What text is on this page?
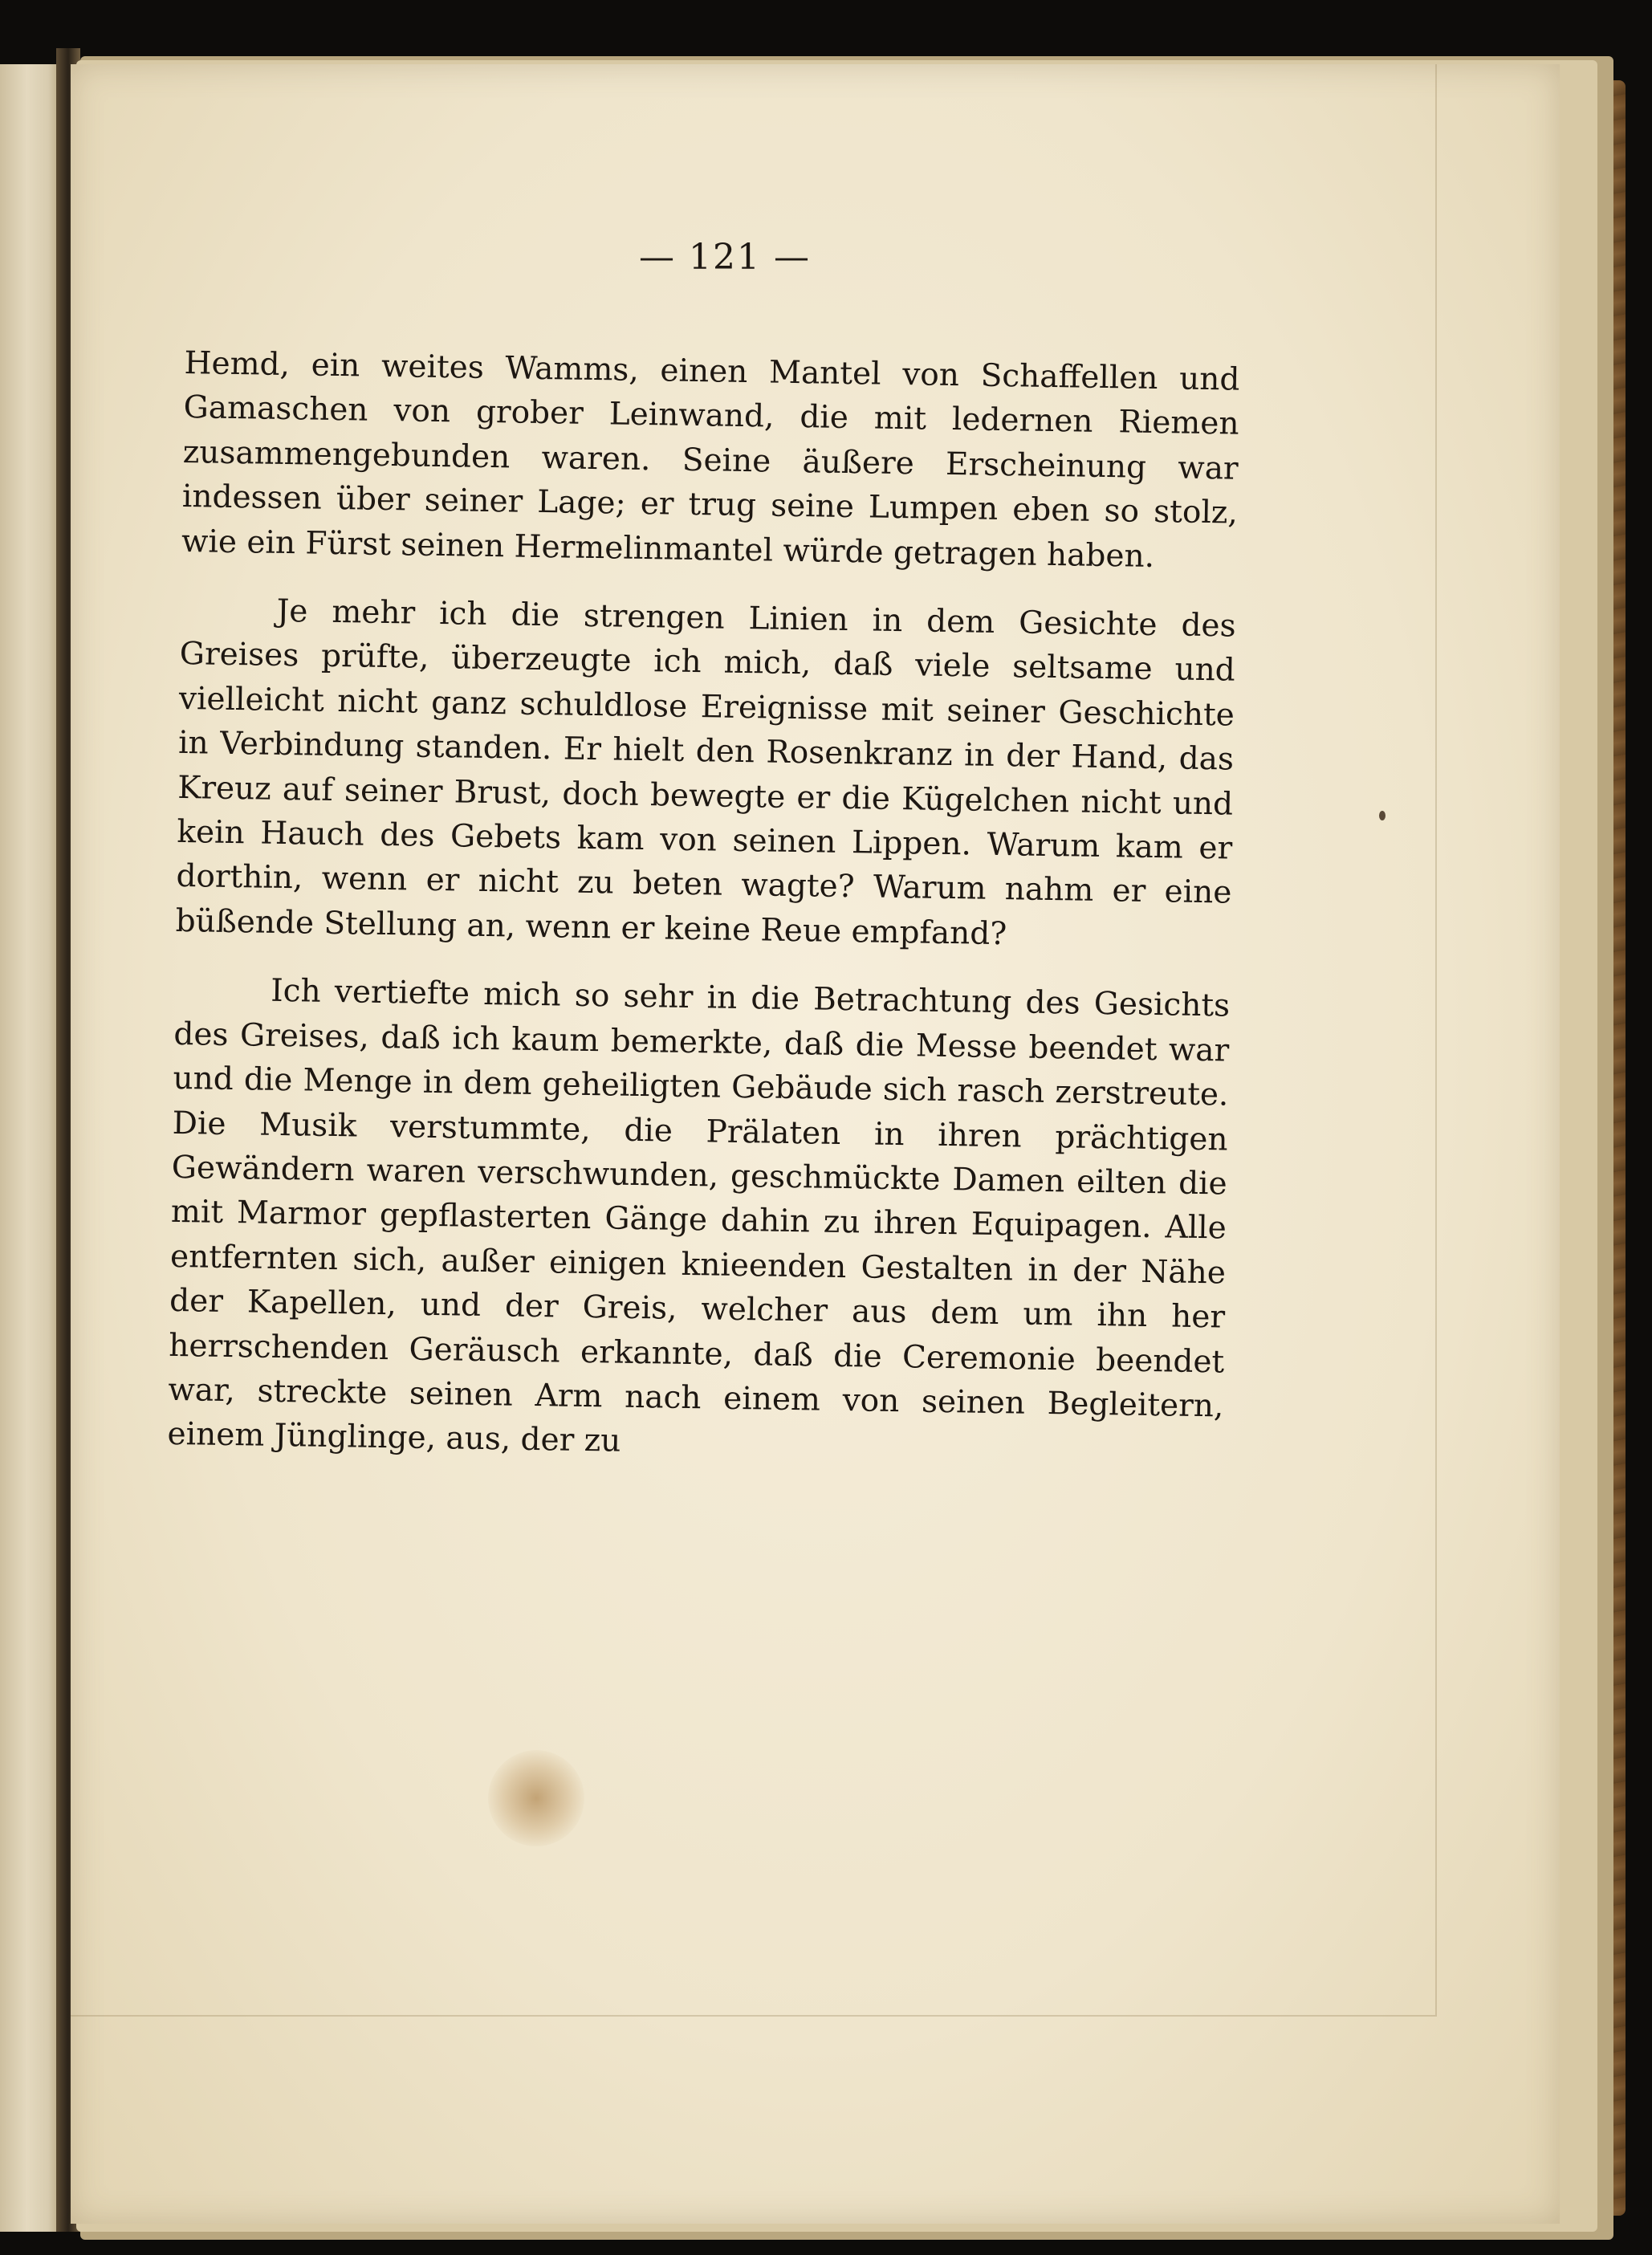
— 121 —

Hemd, ein weites Wamms, einen Mantel von Schaffellen und Gamaschen von grober Leinwand, die mit ledernen Riemen zusammengebunden waren. Seine äußere Erscheinung war indessen über seiner Lage; er trug seine Lumpen eben so stolz, wie ein Fürst seinen Hermelinmantel würde getragen haben.

Je mehr ich die strengen Linien in dem Gesichte des Greises prüfte, überzeugte ich mich, daß viele seltsame und vielleicht nicht ganz schuldlose Ereignisse mit seiner Geschichte in Verbindung standen. Er hielt den Rosenkranz in der Hand, das Kreuz auf seiner Brust, doch bewegte er die Kügelchen nicht und kein Hauch des Gebets kam von seinen Lippen. Warum kam er dorthin, wenn er nicht zu beten wagte? Warum nahm er eine büßende Stellung an, wenn er keine Reue empfand?

Ich vertiefte mich so sehr in die Betrachtung des Gesichts des Greises, daß ich kaum bemerkte, daß die Messe beendet war und die Menge in dem geheiligten Gebäude sich rasch zerstreute. Die Musik verstummte, die Prälaten in ihren prächtigen Gewändern waren verschwunden, geschmückte Damen eilten die mit Marmor gepflasterten Gänge dahin zu ihren Equipagen. Alle entfernten sich, außer einigen knieenden Gestalten in der Nähe der Kapellen, und der Greis, welcher aus dem um ihn her herrschenden Geräusch erkannte, daß die Ceremonie beendet war, streckte seinen Arm nach einem von seinen Begleitern, einem Jünglinge, aus, der zu
